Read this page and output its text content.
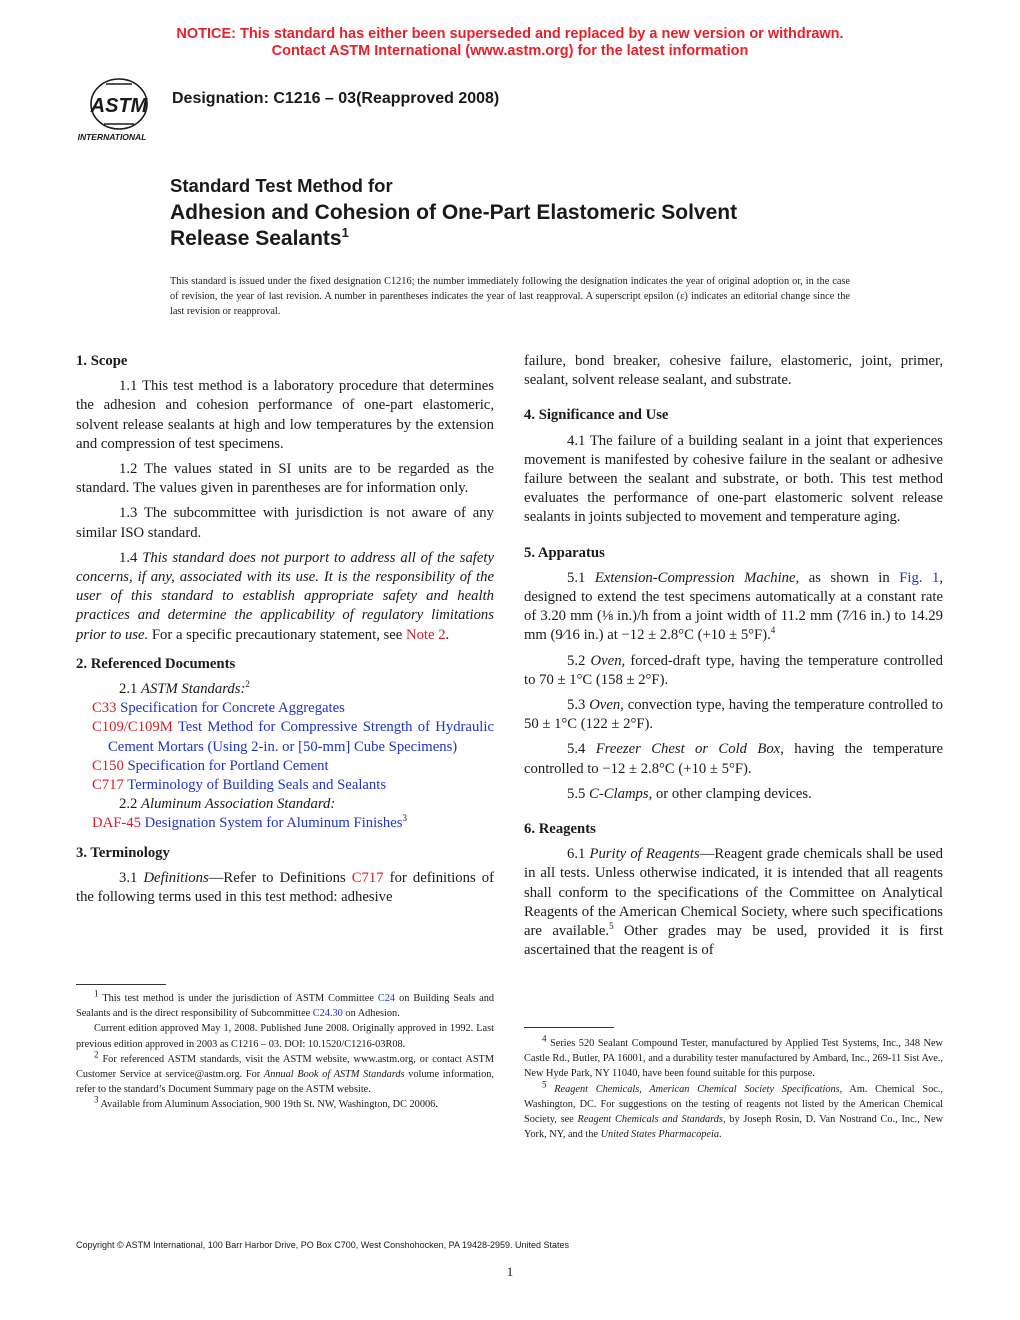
NOTICE: This standard has either been superseded and replaced by a new version or withdrawn.
Contact ASTM International (www.astm.org) for the latest information
ASTM
INTERNATIONAL
Designation: C1216 – 03(Reapproved 2008)
Standard Test Method for
Adhesion and Cohesion of One-Part Elastomeric Solvent
Release Sealants$^1$
This standard is issued under the fixed designation C1216; the number immediately following the designation indicates the year of original adoption or, in the case of revision, the year of last revision. A number in parentheses indicates the year of last reapproval. A superscript epsilon (ε) indicates an editorial change since the last revision or reapproval.
1. Scope

1.1 This test method is a laboratory procedure that determines the adhesion and cohesion performance of one-part elastomeric, solvent release sealants at high and low temperatures by the extension and compression of test specimens.

1.2 The values stated in SI units are to be regarded as the standard. The values given in parentheses are for information only.

1.3 The subcommittee with jurisdiction is not aware of any similar ISO standard.

1.4 This standard does not purport to address all of the safety concerns, if any, associated with its use. It is the responsibility of the user of this standard to establish appropriate safety and health practices and determine the applicability of regulatory limitations prior to use. For a specific precautionary statement, see Note 2.

2. Referenced Documents

2.1 ASTM Standards:$^2$

C33 Specification for Concrete Aggregates

C109/C109M Test Method for Compressive Strength of Hydraulic Cement Mortars (Using 2-in. or [50-mm] Cube Specimens)

C150 Specification for Portland Cement

C717 Terminology of Building Seals and Sealants

2.2 Aluminum Association Standard:

DAF-45 Designation System for Aluminum Finishes$^3$

3. Terminology

3.1 Definitions—Refer to Definitions C717 for definitions of the following terms used in this test method: adhesive

$^1$ This test method is under the jurisdiction of ASTM Committee C24 on Building Seals and Sealants and is the direct responsibility of Subcommittee C24.30 on Adhesion.

Current edition approved May 1, 2008. Published June 2008. Originally approved in 1992. Last previous edition approved in 2003 as C1216 – 03. DOI: 10.1520/C1216-03R08.

$^2$ For referenced ASTM standards, visit the ASTM website, www.astm.org, or contact ASTM Customer Service at service@astm.org. For Annual Book of ASTM Standards volume information, refer to the standard’s Document Summary page on the ASTM website.

$^3$ Available from Aluminum Association, 900 19th St. NW, Washington, DC 20006.

failure, bond breaker, cohesive failure, elastomeric, joint, primer, sealant, solvent release sealant, and substrate.

4. Significance and Use

4.1 The failure of a building sealant in a joint that experiences movement is manifested by cohesive failure in the sealant or adhesive failure between the sealant and substrate, or both. This test method evaluates the performance of one-part elastomeric solvent release sealants in joints subjected to movement and temperature aging.

5. Apparatus

5.1 Extension-Compression Machine, as shown in Fig. 1, designed to extend the test specimens automatically at a constant rate of 3.20 mm (⅛ in.)/h from a joint width of 11.2 mm (7⁄16 in.) to 14.29 mm (9⁄16 in.) at −12 ± 2.8°C (+10 ± 5°F).$^4$

5.2 Oven, forced-draft type, having the temperature controlled to 70 ± 1°C (158 ± 2°F).

5.3 Oven, convection type, having the temperature controlled to 50 ± 1°C (122 ± 2°F).

5.4 Freezer Chest or Cold Box, having the temperature controlled to −12 ± 2.8°C (+10 ± 5°F).

5.5 C-Clamps, or other clamping devices.

6. Reagents

6.1 Purity of Reagents—Reagent grade chemicals shall be used in all tests. Unless otherwise indicated, it is intended that all reagents shall conform to the specifications of the Committee on Analytical Reagents of the American Chemical Society, where such specifications are available.$^5$ Other grades may be used, provided it is first ascertained that the reagent is of

$^4$ Series 520 Sealant Compound Tester, manufactured by Applied Test Systems, Inc., 348 New Castle Rd., Butler, PA 16001, and a durability tester manufactured by Ambard, Inc., 269-11 Sist Ave., New Hyde Park, NY 11040, have been found suitable for this purpose.

$^5$ Reagent Chemicals, American Chemical Society Specifications, Am. Chemical Soc., Washington, DC. For suggestions on the testing of reagents not listed by the American Chemical Society, see Reagent Chemicals and Standards, by Joseph Rosin, D. Van Nostrand Co., Inc., New York, NY, and the United States Pharmacopeia.

Copyright © ASTM International, 100 Barr Harbor Drive, PO Box C700, West Conshohocken, PA 19428-2959. United States
1
